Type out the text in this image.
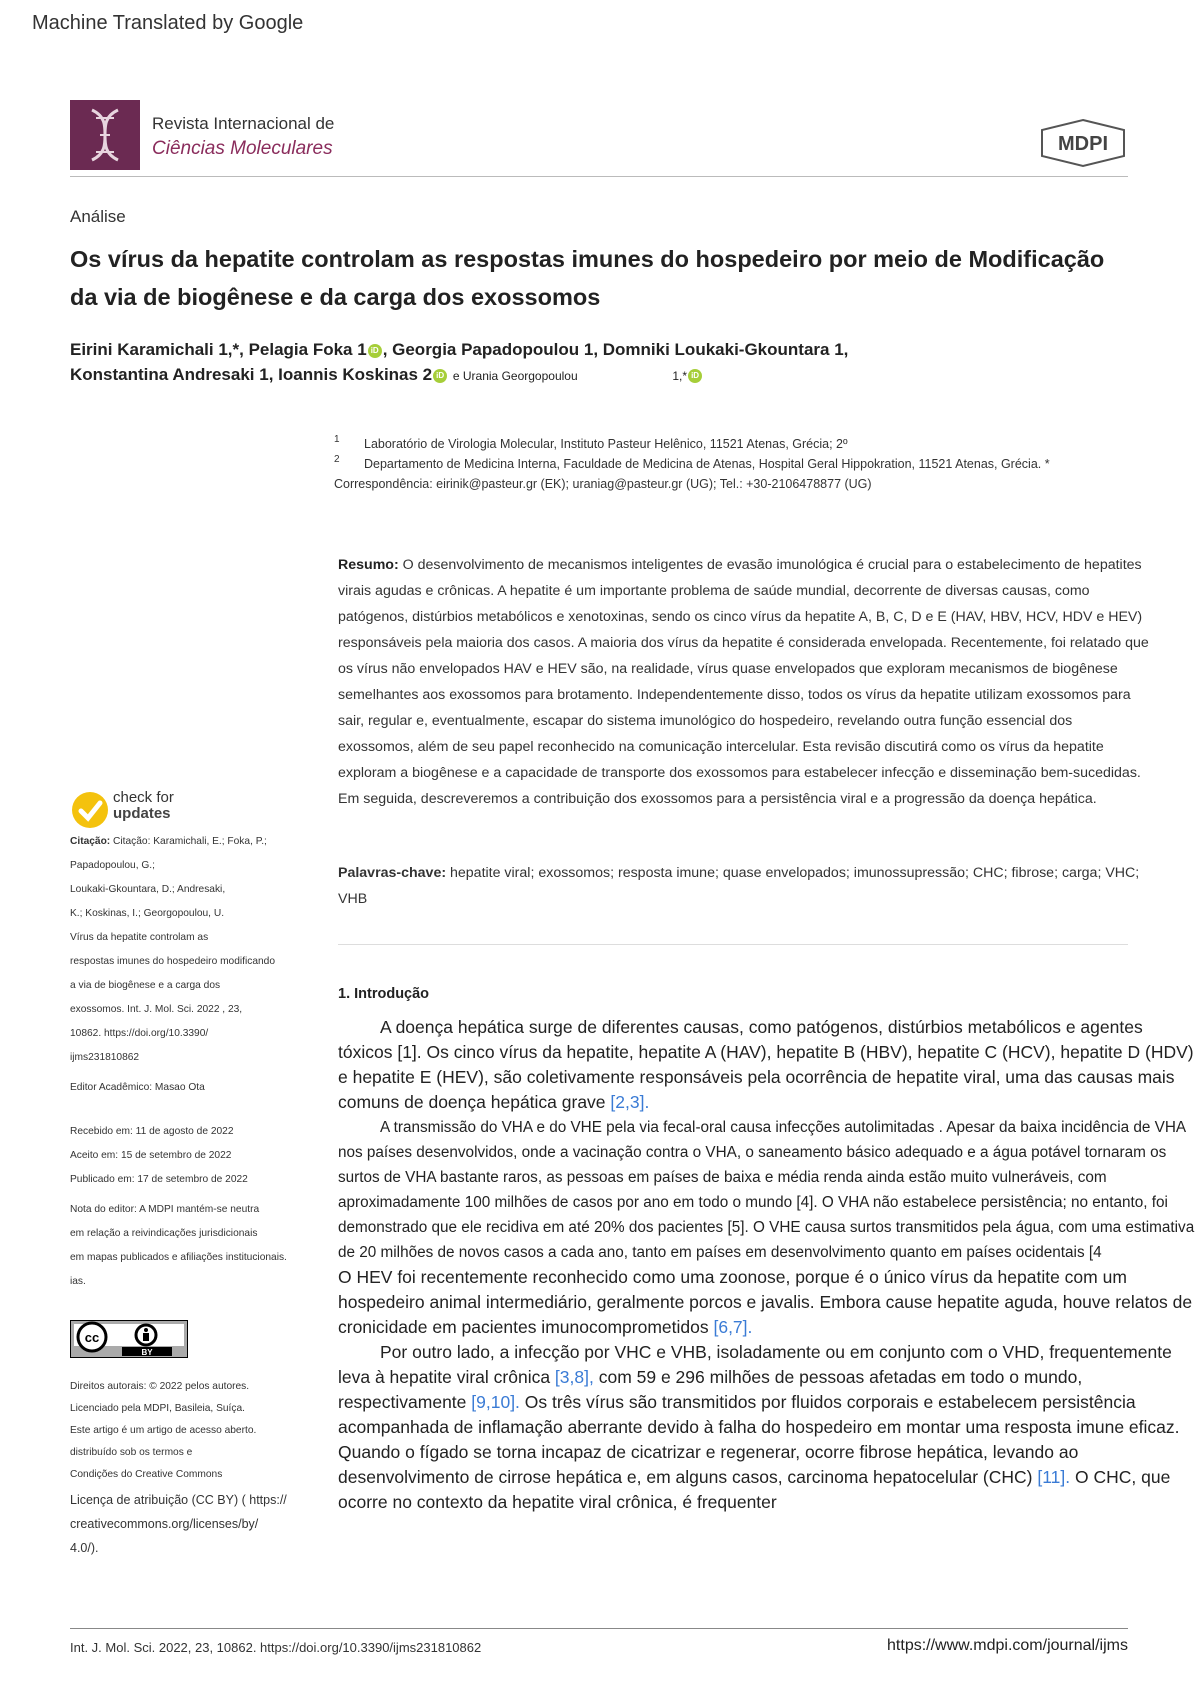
Machine Translated by Google
Revista Internacional de
Ciências Moleculares	MDPI
Análise
Os vírus da hepatite controlam as respostas imunes do hospedeiro por meio de Modificação da via de biogênese e da carga dos exossomos
Eirini Karamichali 1,*, Pelagia Foka 1 iD , Georgia Papadopoulou 1, Domniki Loukaki-Gkountara 1,
Konstantina Andresaki 1, Ioannis Koskinas 2 iD e Urania Georgopoulou	1,* iD
1 Laboratório de Virologia Molecular, Instituto Pasteur Helênico, 11521 Atenas, Grécia; 2º
2 Departamento de Medicina Interna, Faculdade de Medicina de Atenas, Hospital Geral Hippokration, 11521 Atenas, Grécia. *
Correspondência: eirinik@pasteur.gr (EK); uraniag@pasteur.gr (UG); Tel.: +30-2106478877 (UG)
Resumo: O desenvolvimento de mecanismos inteligentes de evasão imunológica é crucial para o estabelecimento de hepatites virais agudas e crônicas. A hepatite é um importante problema de saúde mundial, decorrente de diversas causas, como patógenos, distúrbios metabólicos e xenotoxinas, sendo os cinco vírus da hepatite A, B, C, D e E (HAV, HBV, HCV, HDV e HEV) responsáveis pela maioria dos casos. A maioria dos vírus da hepatite é considerada envelopada. Recentemente, foi relatado que os vírus não envelopados HAV e HEV são, na realidade, vírus quase envelopados que exploram mecanismos de biogênese semelhantes aos exossomos para brotamento. Independentemente disso, todos os vírus da hepatite utilizam exossomos para sair, regular e, eventualmente, escapar do sistema imunológico do hospedeiro, revelando outra função essencial dos exossomos, além de seu papel reconhecido na comunicação intercelular. Esta revisão discutirá como os vírus da hepatite exploram a biogênese e a capacidade de transporte dos exossomos para estabelecer infecção e disseminação bem-sucedidas. Em seguida, descreveremos a contribuição dos exossomos para a persistência viral e a progressão da doença hepática.
Palavras-chave: hepatite viral; exossomos; resposta imune; quase envelopados; imunossupressão; CHC; fibrose; carga; VHC; VHB
1. Introdução

A doença hepática surge de diferentes causas, como patógenos, distúrbios metabólicos e agentes tóxicos [1]. Os cinco vírus da hepatite, hepatite A (HAV), hepatite B (HBV), hepatite C (HCV), hepatite D (HDV) e hepatite E (HEV), são coletivamente responsáveis pela ocorrência de hepatite viral, uma das causas mais comuns de doença hepática grave [2,3].

A transmissão do VHA e do VHE pela via fecal-oral causa infecções autolimitadas . Apesar da baixa incidência de VHA nos países desenvolvidos, onde a vacinação contra o VHA, o saneamento básico adequado e a água potável tornaram os surtos de VHA bastante raros, as pessoas em países de baixa e média renda ainda estão muito vulneráveis, com aproximadamente 100 milhões de casos por ano em todo o mundo [4]. O VHA não estabelece persistência; no entanto, foi demonstrado que ele recidiva em até 20% dos pacientes [5]. O VHE causa surtos transmitidos pela água, com uma estimativa de 20 milhões de novos casos a cada ano, tanto em países em desenvolvimento quanto em países ocidentais [4

O HEV foi recentemente reconhecido como uma zoonose, porque é o único vírus da hepatite com um hospedeiro animal intermediário, geralmente porcos e javalis. Embora cause hepatite aguda, houve relatos de cronicidade em pacientes imunocomprometidos [6,7].

Por outro lado, a infecção por VHC e VHB, isoladamente ou em conjunto com o VHD, frequentemente leva à hepatite viral crônica [3,8], com 59 e 296 milhões de pessoas afetadas em todo o mundo, respectivamente [9,10]. Os três vírus são transmitidos por fluidos corporais e estabelecem persistência acompanhada de inflamação aberrante devido à falha do hospedeiro em montar uma resposta imune eficaz. Quando o fígado se torna incapaz de cicatrizar e regenerar, ocorre fibrose hepática, levando ao desenvolvimento de cirrose hepática e, em alguns casos, carcinoma hepatocelular (CHC) [11]. O CHC, que ocorre no contexto da hepatite viral crônica, é frequenter

check for
updates
Citação: Citação: Karamichali, E.; Foka, P.;
Papadopoulou, G.;
Loukaki-Gkountara, D.; Andresaki,
K.; Koskinas, I.; Georgopoulou, U.
Vírus da hepatite controlam as
respostas imunes do hospedeiro modificando
a via de biogênese e a carga dos
exossomos. Int. J. Mol. Sci. 2022 , 23,
10862. https://doi.org/10.3390/
ijms231810862
Editor Acadêmico: Masao Ota
Recebido em: 11 de agosto de 2022
Aceito em: 15 de setembro de 2022
Publicado em: 17 de setembro de 2022
Nota do editor: A MDPI mantém-se neutra
em relação a reivindicações jurisdicionais
em mapas publicados e afiliações institucionais.
ias.
cc
BY
Direitos autorais: © 2022 pelos autores.
Licenciado pela MDPI, Basileia, Suíça.
Este artigo é um artigo de acesso aberto.
distribuído sob os termos e
Condições do Creative Commons
Licença de atribuição (CC BY) ( https://
creativecommons.org/licenses/by/
4.0/).
Int. J. Mol. Sci. 2022, 23, 10862. https://doi.org/10.3390/ijms231810862	https://www.mdpi.com/journal/ijms
